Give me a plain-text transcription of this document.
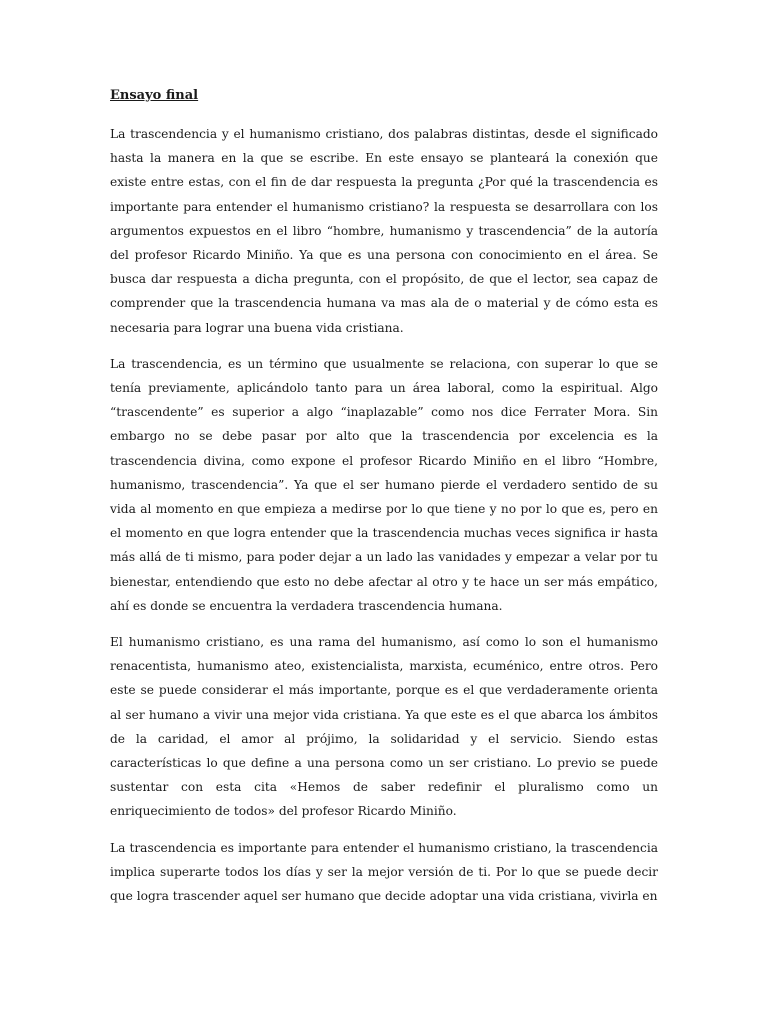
Ensayo final

La trascendencia y el humanismo cristiano, dos palabras distintas, desde el significado hasta la manera en la que se escribe. En este ensayo se planteará la conexión que existe entre estas, con el fin de dar respuesta la pregunta ¿Por qué la trascendencia es importante para entender el humanismo cristiano? la respuesta se desarrollara con los argumentos expuestos en el libro “hombre, humanismo y trascendencia” de la autoría del profesor Ricardo Miniño. Ya que es una persona con conocimiento en el área. Se busca dar respuesta a dicha pregunta, con el propósito, de que el lector, sea capaz de comprender que la trascendencia humana va mas ala de o material y de cómo esta es necesaria para lograr una buena vida cristiana.

La trascendencia, es un término que usualmente se relaciona, con superar lo que se tenía previamente, aplicándolo tanto para un área laboral, como la espiritual. Algo “trascendente” es superior a algo “inaplazable” como nos dice Ferrater Mora. Sin embargo no se debe pasar por alto que la trascendencia por excelencia es la trascendencia divina, como expone el profesor Ricardo Miniño en el libro “Hombre, humanismo, trascendencia”. Ya que el ser humano pierde el verdadero sentido de su vida al momento en que empieza a medirse por lo que tiene y no por lo que es, pero en el momento en que logra entender que la trascendencia muchas veces significa ir hasta más allá de ti mismo, para poder dejar a un lado las vanidades y empezar a velar por tu bienestar, entendiendo que esto no debe afectar al otro y te hace un ser más empático, ahí es donde se encuentra la verdadera trascendencia humana.

El humanismo cristiano, es una rama del humanismo, así como lo son el humanismo renacentista, humanismo ateo, existencialista, marxista, ecuménico, entre otros. Pero este se puede considerar el más importante, porque es el que verdaderamente orienta al ser humano a vivir una mejor vida cristiana. Ya que este es el que abarca los ámbitos de la caridad, el amor al prójimo, la solidaridad y el servicio. Siendo estas características lo que define a una persona como un ser cristiano. Lo previo se puede sustentar con esta cita «Hemos de saber redefinir el pluralismo como un enriquecimiento de todos» del profesor Ricardo Miniño.

La trascendencia es importante para entender el humanismo cristiano, la trascendencia implica superarte todos los días y ser la mejor versión de ti. Por lo que se puede decir que logra trascender aquel ser humano que decide adoptar una vida cristiana, vivirla en
